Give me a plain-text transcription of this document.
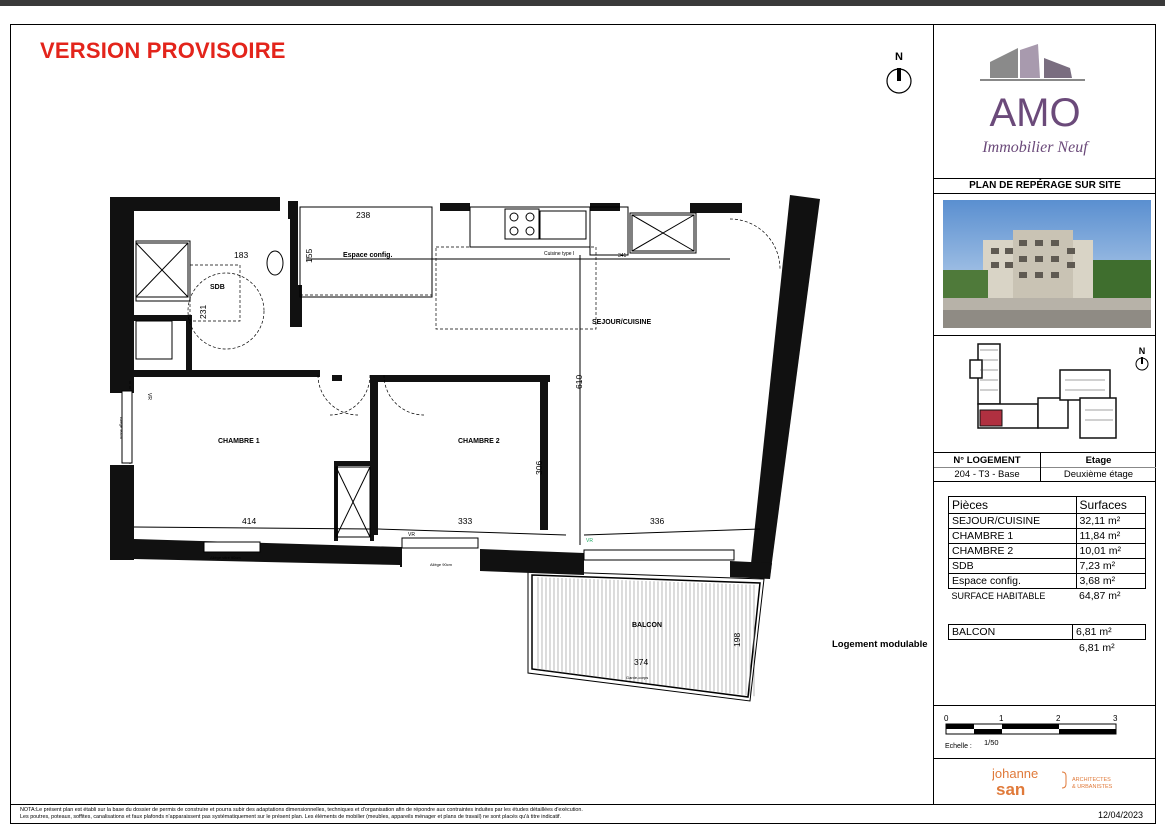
VERSION PROVISOIRE	N
AMO
Immobilier Neuf
PLAN DE REPÉRAGE SUR SITE
N
N° LOGEMENT	Etage
204 - T3 - Base	Deuxième étage
Pièces	Surfaces
SEJOUR/CUISINE	32,11 m²
CHAMBRE 1	11,84 m²
CHAMBRE 2	10,01 m²
SDB	7,23 m²
Espace config.	3,68 m²
SURFACE HABITABLE	64,87 m²
BALCON	6,81 m²
6,81 m²
Logement modulable
0	1	2	3
Echelle : 1/50
johanne
san	ARCHITECTES
& URBANISTES
NOTA:Le présent plan est établi sur la base du dossier de permis de construire et pourra subir des adaptations dimensionnelles, techniques et d'organisation afin de répondre aux contraintes induites par les études détaillées d'exécution.
Les poutres, poteaux, soffites, canalisations et faux plafonds n'apparaissent pas systématiquement sur le présent plan. Les éléments de mobilier (meubles, appareils ménager et plans de travail) ne sont placés qu'à titre indicatif.	12/04/2023
SDB
Espace config.
SEJOUR/CUISINE
CHAMBRE 1	CHAMBRE 2
BALCON
Cuisine type I
238
183
414	333	336
374
341
155
231
610
306
198
VR
VR
VR
Allège 90cm
Allège vitré 90cm
Allège 90cm
Garde-corps
